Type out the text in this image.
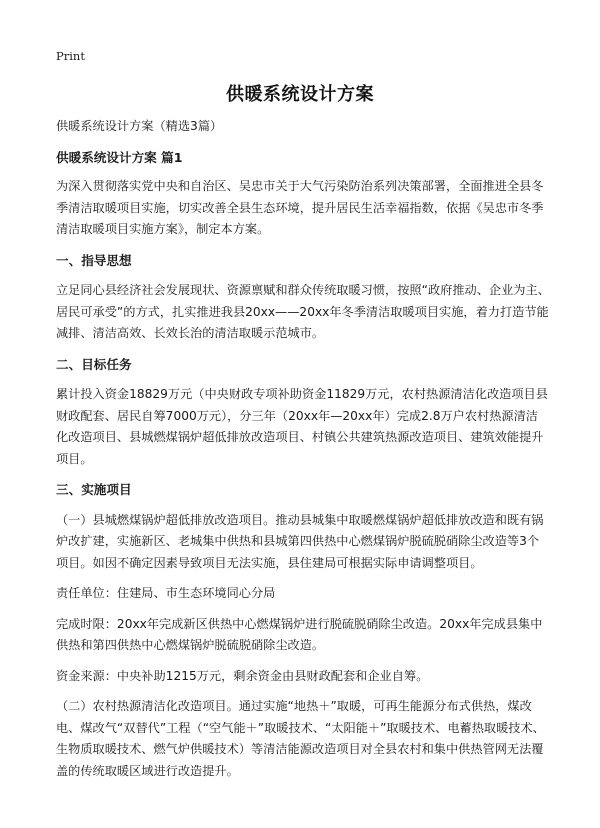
Print
供暖系统设计方案

供暖系统设计方案（精选3篇）

供暖系统设计方案 篇1

为深入贯彻落实党中央和自治区、吴忠市关于大气污染防治系列决策部署，全面推进全县冬季清洁取暖项目实施，切实改善全县生态环境，提升居民生活幸福指数，依据《吴忠市冬季清洁取暖项目实施方案》，制定本方案。

一、指导思想

立足同心县经济社会发展现状、资源禀赋和群众传统取暖习惯，按照“政府推动、企业为主、居民可承受”的方式，扎实推进我县20xx——20xx年冬季清洁取暖项目实施，着力打造节能减排、清洁高效、长效长治的清洁取暖示范城市。

二、目标任务

累计投入资金18829万元（中央财政专项补助资金11829万元，农村热源清洁化改造项目县财政配套、居民自筹7000万元），分三年（20xx年—20xx年）完成2.8万户农村热源清洁化改造项目、县城燃煤锅炉超低排放改造项目、村镇公共建筑热源改造项目、建筑效能提升项目。

三、实施项目

（一）县城燃煤锅炉超低排放改造项目。推动县城集中取暖燃煤锅炉超低排放改造和既有锅炉改扩建，实施新区、老城集中供热和县城第四供热中心燃煤锅炉脱硫脱硝除尘改造等3个项目。如因不确定因素导致项目无法实施，县住建局可根据实际申请调整项目。

责任单位：住建局、市生态环境同心分局

完成时限：20xx年完成新区供热中心燃煤锅炉进行脱硫脱硝除尘改造。20xx年完成县集中供热和第四供热中心燃煤锅炉脱硫脱硝除尘改造。

资金来源：中央补助1215万元，剩余资金由县财政配套和企业自筹。

（二）农村热源清洁化改造项目。通过实施“地热＋”取暖，可再生能源分布式供热，煤改电、煤改气“双替代”工程（“空气能＋”取暖技术、“太阳能＋”取暖技术、电蓄热取暖技术、生物质取暖技术、燃气炉供暖技术）等清洁能源改造项目对全县农村和集中供热管网无法覆盖的传统取暖区域进行改造提升。
